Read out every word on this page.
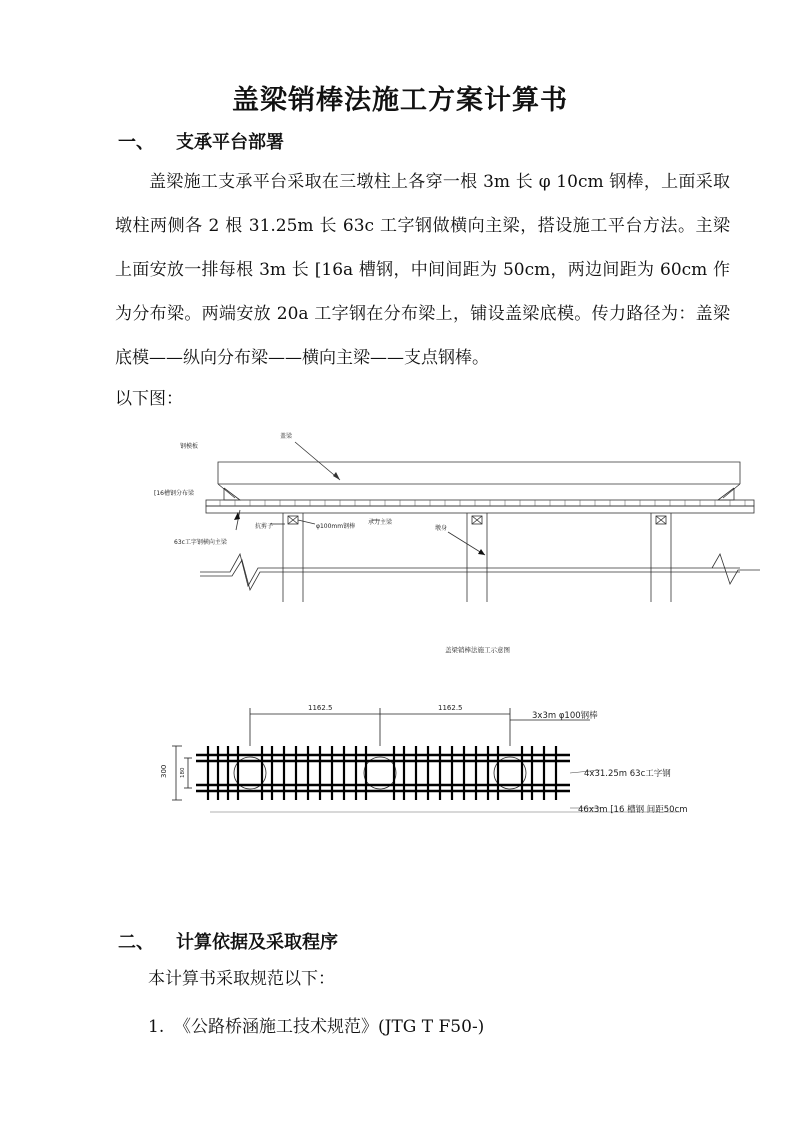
盖梁销棒法施工方案计算书
一、 支承平台部署
盖梁施工支承平台采取在三墩柱上各穿一根 3m 长 φ 10cm 钢棒，上面采取墩柱两侧各 2 根 31.25m 长 63c 工字钢做横向主梁，搭设施工平台方法。主梁上面安放一排每根 3m 长 [16a 槽钢，中间间距为 50cm，两边间距为 60cm 作为分布梁。两端安放 20a 工字钢在分布梁上，铺设盖梁底模。传力路径为：盖梁底模——纵向分布梁——横向主梁——支点钢棒。
以下图：
钢模板
盖梁
[16槽钢分布梁
63c工字钢横向主梁
抗剪子	φ100mm钢棒
承力主梁
墩身
盖梁销棒法施工示意图
1162.5	1162.5
300 180
3x3m φ100钢棒
4x31.25m 63c工字钢
46x3m [16 槽钢 间距50cm
二、 计算依据及采取程序
本计算书采取规范以下：
1. 《公路桥涵施工技术规范》(JTG T F50-)
